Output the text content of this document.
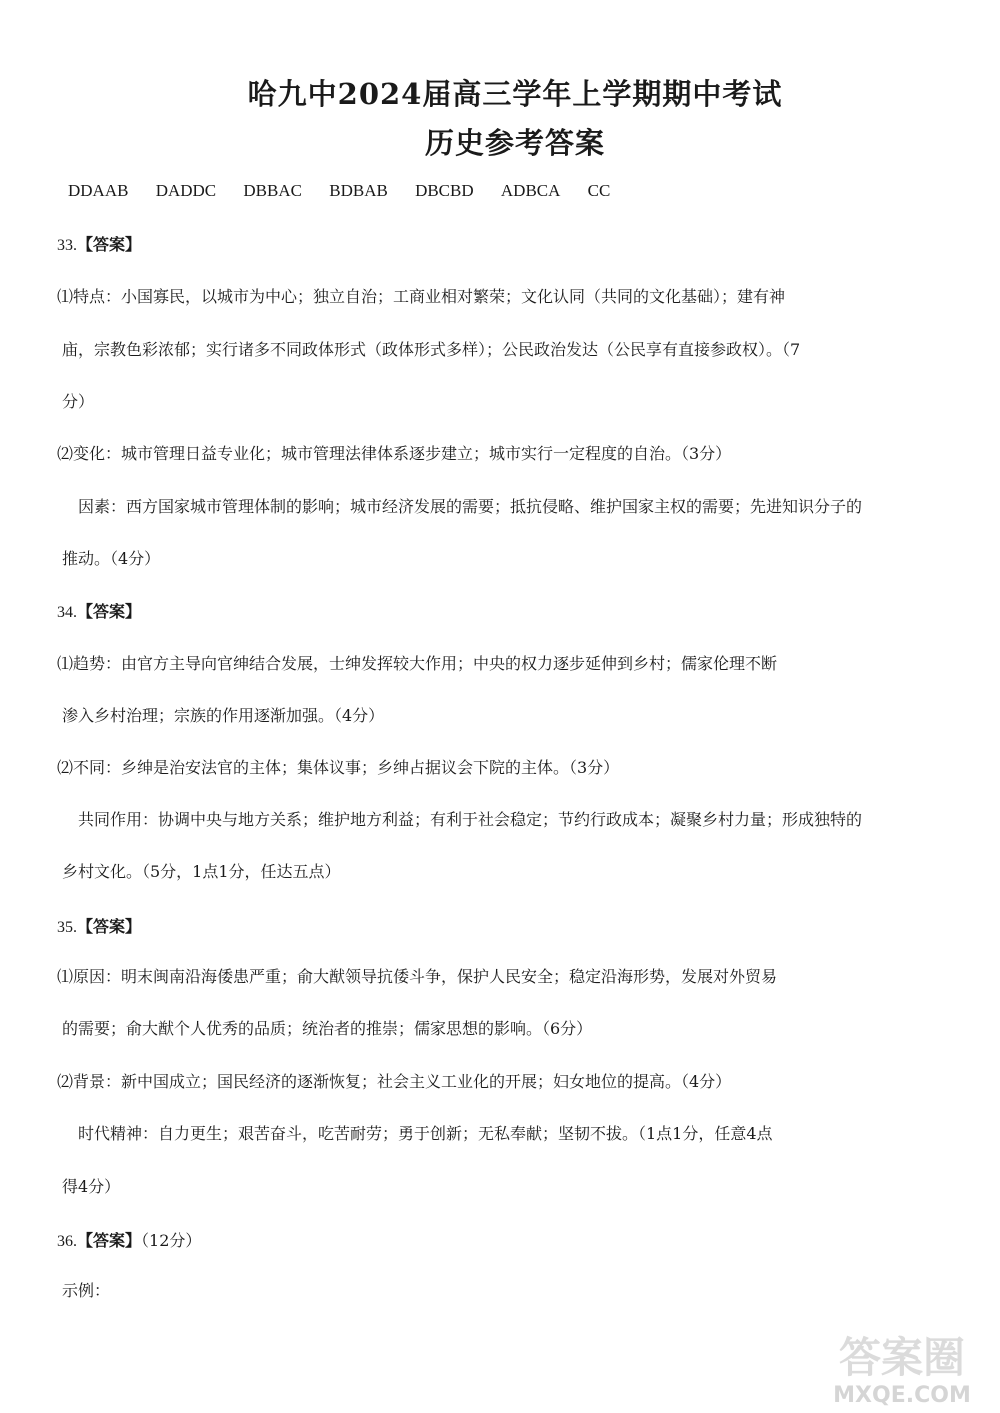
哈九中2024届高三学年上学期期中考试
历史参考答案
DDAAB DADDC DBBAC BDBAB DBCBD ADBCA CC
33.【答案】
⑴特点：小国寡民，以城市为中心；独立自治；工商业相对繁荣；文化认同（共同的文化基础）；建有神
庙，宗教色彩浓郁；实行诸多不同政体形式（政体形式多样）；公民政治发达（公民享有直接参政权）。（7
分）
⑵变化：城市管理日益专业化；城市管理法律体系逐步建立；城市实行一定程度的自治。（3分）
因素：西方国家城市管理体制的影响；城市经济发展的需要；抵抗侵略、维护国家主权的需要；先进知识分子的
推动。（4分）
34.【答案】
⑴趋势：由官方主导向官绅结合发展，士绅发挥较大作用；中央的权力逐步延伸到乡村；儒家伦理不断
渗入乡村治理；宗族的作用逐渐加强。（4分）
⑵不同：乡绅是治安法官的主体；集体议事；乡绅占据议会下院的主体。（3分）
共同作用：协调中央与地方关系；维护地方利益；有利于社会稳定；节约行政成本；凝聚乡村力量；形成独特的
乡村文化。（5分，1点1分，任达五点）
35.【答案】
⑴原因：明末闽南沿海倭患严重；俞大猷领导抗倭斗争，保护人民安全；稳定沿海形势，发展对外贸易
的需要；俞大猷个人优秀的品质；统治者的推崇；儒家思想的影响。（6分）
⑵背景：新中国成立；国民经济的逐渐恢复；社会主义工业化的开展；妇女地位的提高。（4分）
时代精神：自力更生；艰苦奋斗，吃苦耐劳；勇于创新；无私奉献；坚韧不拔。（1点1分，任意4点
得4分）
36.【答案】（12分）
示例：
答案圈
MXQE.COM
